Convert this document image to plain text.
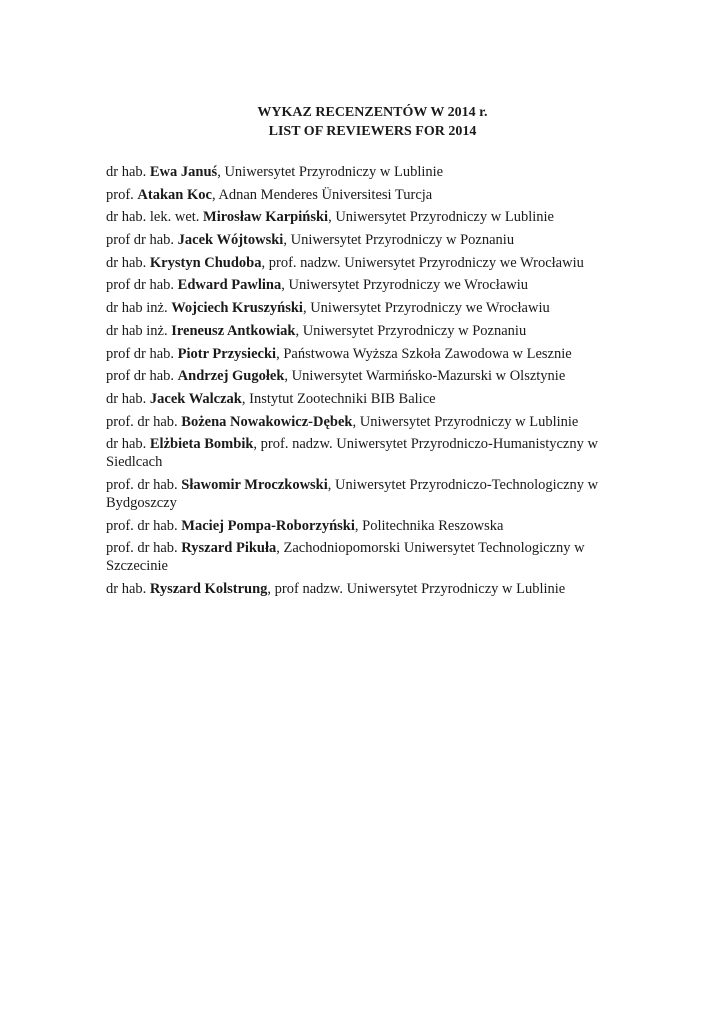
WYKAZ RECENZENTÓW W 2014 r.
LIST OF REVIEWERS FOR 2014
dr hab. Ewa Januś, Uniwersytet Przyrodniczy w Lublinie
prof. Atakan Koc, Adnan Menderes Üniversitesi Turcja
dr hab. lek. wet. Mirosław Karpiński, Uniwersytet Przyrodniczy w Lublinie
prof dr hab. Jacek Wójtowski, Uniwersytet Przyrodniczy w Poznaniu
dr hab. Krystyn Chudoba, prof. nadzw. Uniwersytet Przyrodniczy we Wrocławiu
prof dr hab. Edward Pawlina, Uniwersytet Przyrodniczy we Wrocławiu
dr hab inż. Wojciech Kruszyński, Uniwersytet Przyrodniczy we Wrocławiu
dr hab inż. Ireneusz Antkowiak, Uniwersytet Przyrodniczy w Poznaniu
prof dr hab. Piotr Przysiecki, Państwowa Wyższa Szkoła Zawodowa w Lesznie
prof dr hab. Andrzej Gugołek, Uniwersytet Warmińsko-Mazurski w Olsztynie
dr hab. Jacek Walczak, Instytut Zootechniki BIB Balice
prof. dr hab. Bożena Nowakowicz-Dębek, Uniwersytet Przyrodniczy w Lublinie
dr hab. Elżbieta Bombik, prof. nadzw. Uniwersytet Przyrodniczo-Humanistyczny w Siedlcach
prof. dr hab. Sławomir Mroczkowski, Uniwersytet Przyrodniczo-Technologiczny w Bydgoszczy
prof. dr hab. Maciej Pompa-Roborzyński, Politechnika Reszowska
prof. dr hab. Ryszard Pikuła, Zachodniopomorski Uniwersytet Technologiczny w Szczecinie
dr hab. Ryszard Kolstrung, prof nadzw. Uniwersytet Przyrodniczy w Lublinie
